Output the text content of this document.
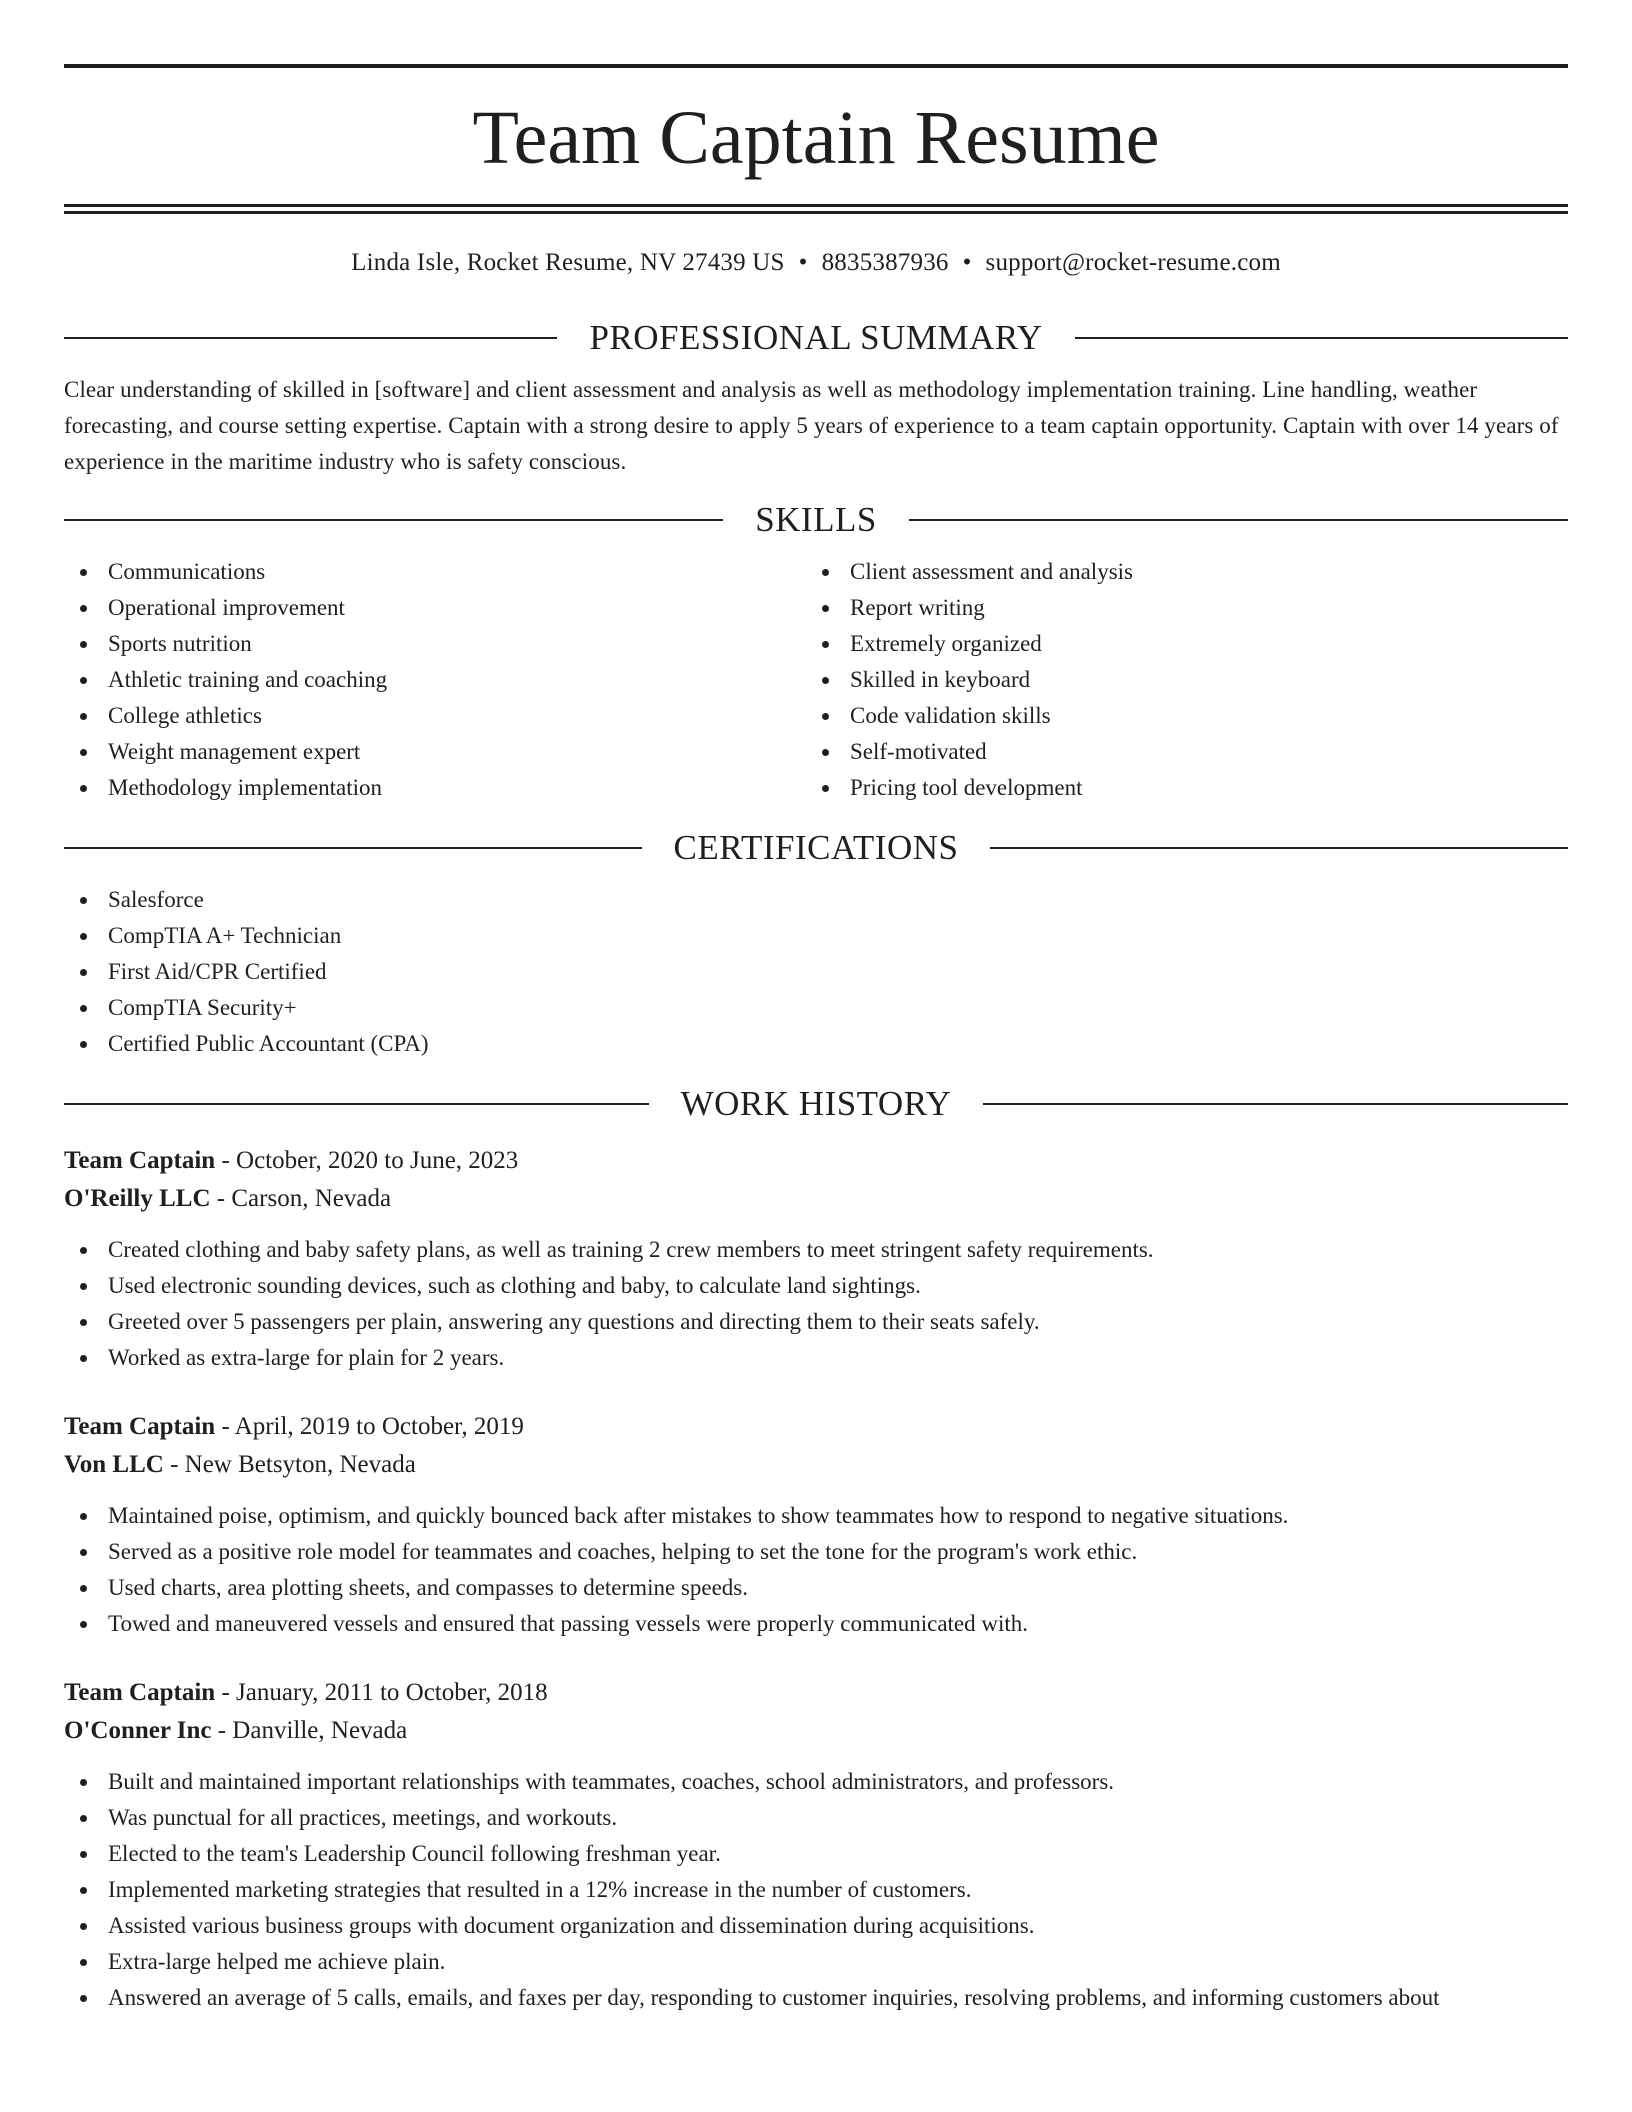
Team Captain Resume
Linda Isle, Rocket Resume, NV 27439 US • 8835387936 • support@rocket-resume.com
PROFESSIONAL SUMMARY
Clear understanding of skilled in [software] and client assessment and analysis as well as methodology implementation training. Line handling, weather forecasting, and course setting expertise. Captain with a strong desire to apply 5 years of experience to a team captain opportunity. Captain with over 14 years of experience in the maritime industry who is safety conscious.
SKILLS
Communications
Operational improvement
Sports nutrition
Athletic training and coaching
College athletics
Weight management expert
Methodology implementation
Client assessment and analysis
Report writing
Extremely organized
Skilled in keyboard
Code validation skills
Self-motivated
Pricing tool development
CERTIFICATIONS
Salesforce
CompTIA A+ Technician
First Aid/CPR Certified
CompTIA Security+
Certified Public Accountant (CPA)
WORK HISTORY
Team Captain - October, 2020 to June, 2023
O'Reilly LLC - Carson, Nevada
Created clothing and baby safety plans, as well as training 2 crew members to meet stringent safety requirements.
Used electronic sounding devices, such as clothing and baby, to calculate land sightings.
Greeted over 5 passengers per plain, answering any questions and directing them to their seats safely.
Worked as extra-large for plain for 2 years.
Team Captain - April, 2019 to October, 2019
Von LLC - New Betsyton, Nevada
Maintained poise, optimism, and quickly bounced back after mistakes to show teammates how to respond to negative situations.
Served as a positive role model for teammates and coaches, helping to set the tone for the program's work ethic.
Used charts, area plotting sheets, and compasses to determine speeds.
Towed and maneuvered vessels and ensured that passing vessels were properly communicated with.
Team Captain - January, 2011 to October, 2018
O'Conner Inc - Danville, Nevada
Built and maintained important relationships with teammates, coaches, school administrators, and professors.
Was punctual for all practices, meetings, and workouts.
Elected to the team's Leadership Council following freshman year.
Implemented marketing strategies that resulted in a 12% increase in the number of customers.
Assisted various business groups with document organization and dissemination during acquisitions.
Extra-large helped me achieve plain.
Answered an average of 5 calls, emails, and faxes per day, responding to customer inquiries, resolving problems, and informing customers about
